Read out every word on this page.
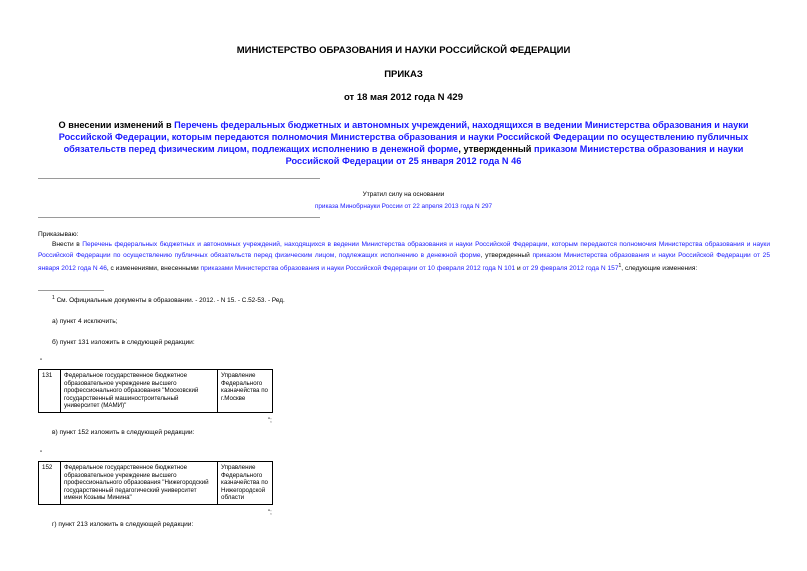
МИНИСТЕРСТВО ОБРАЗОВАНИЯ И НАУКИ РОССИЙСКОЙ ФЕДЕРАЦИИ
ПРИКАЗ
от 18 мая 2012 года N 429
О внесении изменений в Перечень федеральных бюджетных и автономных учреждений, находящихся в ведении Министерства образования и науки Российской Федерации, которым передаются полномочия Министерства образования и науки Российской Федерации по осуществлению публичных обязательств перед физическим лицом, подлежащих исполнению в денежной форме, утвержденный приказом Министерства образования и науки Российской Федерации от 25 января 2012 года N 46
Утратил силу на основании
приказа Минобрнауки России от 22 апреля 2013 года N 297
Приказываю:
Внести в Перечень федеральных бюджетных и автономных учреждений, находящихся в ведении Министерства образования и науки Российской Федерации, которым передаются полномочия Министерства образования и науки Российской Федерации по осуществлению публичных обязательств перед физическим лицом, подлежащих исполнению в денежной форме, утвержденный приказом Министерства образования и науки Российской Федерации от 25 января 2012 года N 46, с изменениями, внесенными приказами Министерства образования и науки Российской Федерации от 10 февраля 2012 года N 101 и от 29 февраля 2012 года N $157^1$, следующие изменения:
$^1$ См. Официальные документы в образовании. - 2012. - N 15. - С.52-53. - Ред.
а) пункт 4 исключить;
б) пункт 131 изложить в следующей редакции:
"
131	Федеральное государственное бюджетное образовательное учреждение высшего профессионального образования "Московский государственный машиностроительный университет (МАМИ)"	Управление Федерального казначейства по г.Москве
";
в) пункт 152 изложить в следующей редакции:
"
152	Федеральное государственное бюджетное образовательное учреждение высшего профессионального образования "Нижегородский государственный педагогический университет имени Козьмы Минина"	Управление Федерального казначейства по Нижегородской области
";
г) пункт 213 изложить в следующей редакции:
